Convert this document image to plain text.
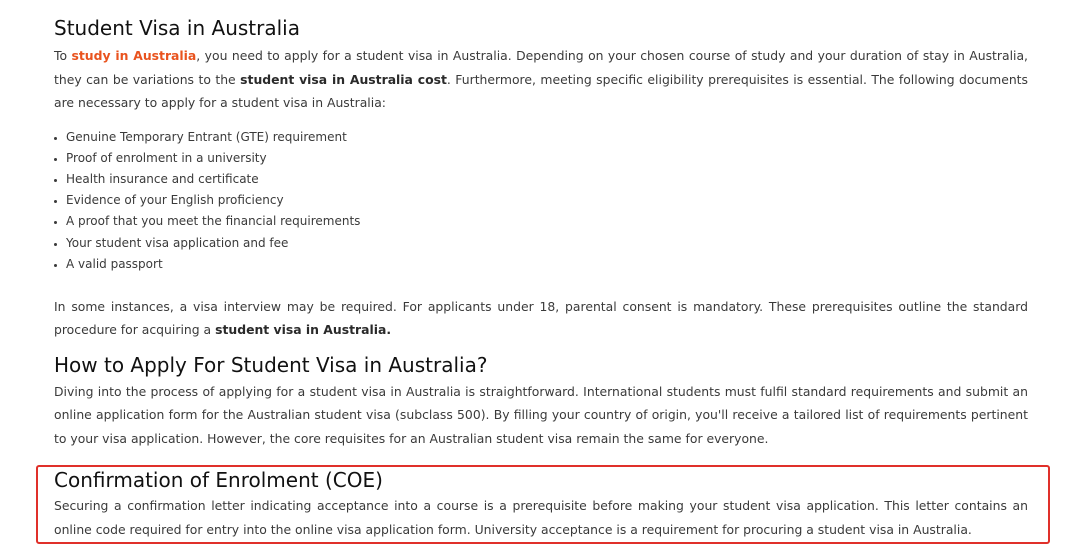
Student Visa in Australia

To study in Australia, you need to apply for a student visa in Australia. Depending on your chosen course of study and your duration of stay in Australia, they can be variations to the student visa in Australia cost. Furthermore, meeting specific eligibility prerequisites is essential. The following documents are necessary to apply for a student visa in Australia:

• Genuine Temporary Entrant (GTE) requirement
• Proof of enrolment in a university
• Health insurance and certificate
• Evidence of your English proficiency
• A proof that you meet the financial requirements
• Your student visa application and fee
• A valid passport

In some instances, a visa interview may be required. For applicants under 18, parental consent is mandatory. These prerequisites outline the standard procedure for acquiring a student visa in Australia.

How to Apply For Student Visa in Australia?

Diving into the process of applying for a student visa in Australia is straightforward. International students must fulfil standard requirements and submit an online application form for the Australian student visa (subclass 500). By filling your country of origin, you'll receive a tailored list of requirements pertinent to your visa application. However, the core requisites for an Australian student visa remain the same for everyone.

Confirmation of Enrolment (COE)

Securing a confirmation letter indicating acceptance into a course is a prerequisite before making your student visa application. This letter contains an online code required for entry into the online visa application form. University acceptance is a requirement for procuring a student visa in Australia.
